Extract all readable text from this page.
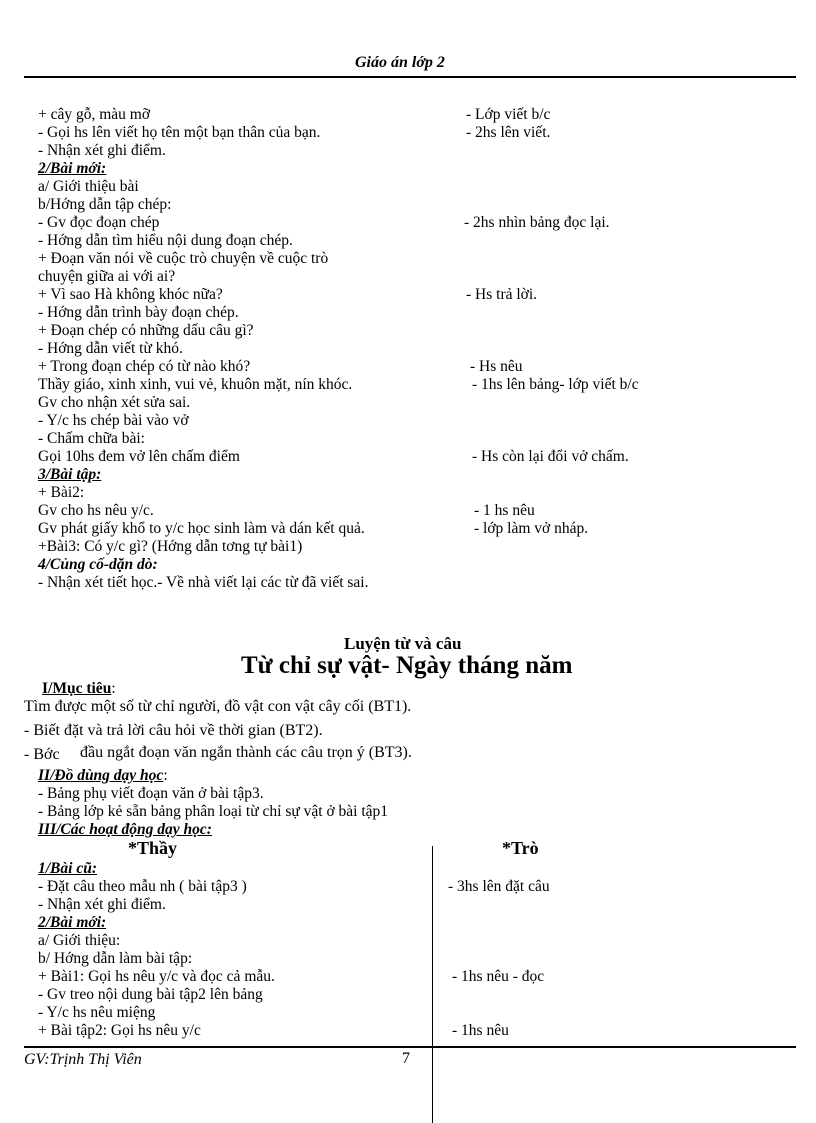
Giáo án lớp 2
+ cây gỗ, màu mỡ
- Gọi hs lên viết họ tên một bạn thân của bạn.
- Nhận xét ghi điểm.
2/Bài mới:
a/ Giới thiệu bài
b/Hớng dẫn tập chép:
- Gv đọc đoạn chép
- Hớng dẫn tìm hiểu nội dung đoạn chép.
+ Đoạn văn nói về cuộc trò chuyện về cuộc trò
chuyện giữa ai với ai?
+ Vì sao Hà không khóc nữa?
- Hớng dẫn trình bày đoạn chép.
+ Đoạn chép có những dấu câu gì?
- Hớng dẫn viết từ khó.
+ Trong đoạn chép có từ nào khó?
Thầy giáo, xinh xinh, vui vẻ, khuôn mặt, nín khóc.
Gv cho nhận xét sửa sai.
- Y/c hs chép bài vào vở
- Chấm chữa bài:
Gọi 10hs đem vở lên chấm điểm
3/Bài tập:
+ Bài2:
Gv cho hs nêu y/c.
Gv phát giấy khổ to y/c học sinh làm và dán kết quả.
+Bài3: Có y/c gì? (Hớng dẫn tơng tự bài1)
4/Củng cố-dặn dò:
- Nhận xét tiết học.- Về nhà viết lại các từ đã viết sai.
- Lớp viết b/c
- 2hs lên viết.
- 2hs nhìn bảng đọc lại.
- Hs trả lời.
- Hs nêu
- 1hs lên bảng- lớp viết b/c
- Hs còn lại đổi vở chấm.
- 1 hs nêu
- lớp làm vở nháp.
Luyện từ và câu
Từ chỉ sự vật- Ngày tháng năm
I/Mục tiêu:
Tìm được một số từ chỉ người, đồ vật con vật cây cối (BT1).
- Biết đặt và trả lời câu hỏi về thời gian (BT2).
- Bớc đầu ngắt đoạn văn ngắn thành các câu trọn ý (BT3).
II/Đồ dùng dạy học:
- Bảng phụ viết đoạn văn ở bài tập3.
- Bảng lớp kẻ sẵn bảng phân loại từ chỉ sự vật ở bài tập1
III/Các hoạt động dạy học:
*Thầy	*Trò
1/Bài cũ:
- Đặt câu theo mẫu nh ( bài tập3 )
- Nhận xét ghi điểm.
2/Bài mới:
a/ Giới thiệu:
b/ Hớng dẫn làm bài tập:
+ Bài1: Gọi hs nêu y/c và đọc cả mẫu.
- Gv treo nội dung bài tập2 lên bảng
- Y/c hs nêu miệng
+ Bài tập2: Gọi hs nêu y/c
- 3hs lên đặt câu
- 1hs nêu - đọc
- 1hs nêu
GV:Trịnh Thị Viên	7
